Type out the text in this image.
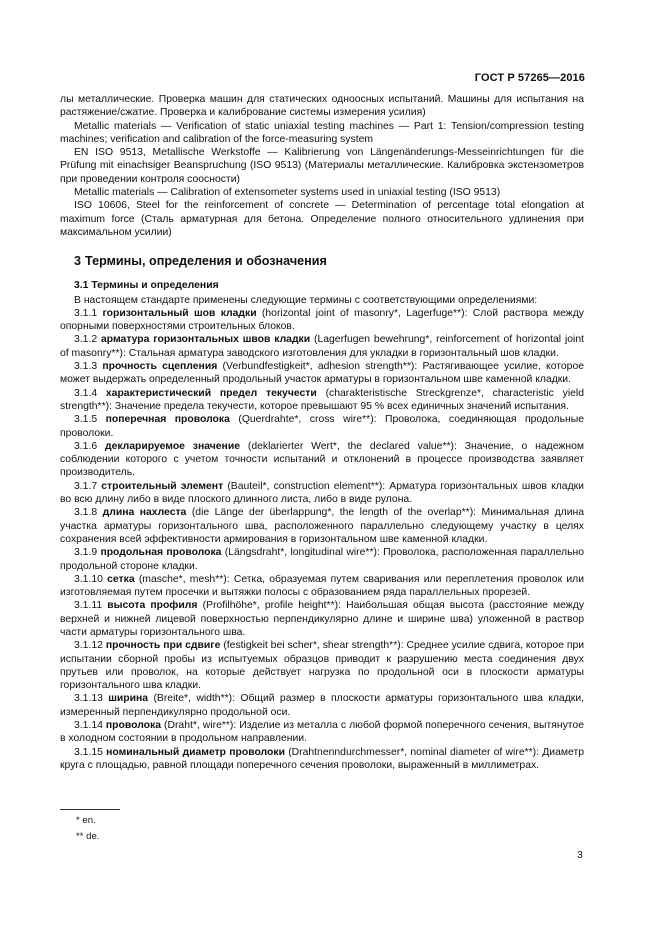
ГОСТ Р 57265—2016

лы металлические. Проверка машин для статических одноосных испытаний. Машины для испытания на растяжение/сжатие. Проверка и калибрование системы измерения усилия)

Metallic materials — Verification of static uniaxial testing machines — Part 1: Tension/compression testing machines; verification and calibration of the force-measuring system

EN ISO 9513, Metallische Werkstoffe — Kalibrierung von Längenänderungs-Messeinrichtungen für die Prüfung mit einachsiger Beanspruchung (ISO 9513) (Материалы металлические. Калибровка экстензометров при проведении контроля соосности)

Metallic materials — Calibration of extensometer systems used in uniaxial testing (ISO 9513)

ISO 10606, Steel for the reinforcement of concrete — Determination of percentage total elongation at maximum force (Сталь арматурная для бетона. Определение полного относительного удлинения при максимальном усилии)

3 Термины, определения и обозначения
3.1 Термины и определения

В настоящем стандарте применены следующие термины с соответствующими определениями:

3.1.1 горизонтальный шов кладки (horizontal joint of masonry*, Lagerfuge**): Слой раствора между опорными поверхностями строительных блоков.

3.1.2 арматура горизонтальных швов кладки (Lagerfugen bewehrung*, reinforcement of horizontal joint of masonry**): Стальная арматура заводского изготовления для укладки в горизонтальный шов кладки.

3.1.3 прочность сцепления (Verbundfestigkeit*, adhesion strength**): Растягивающее усилие, которое может выдержать определенный продольный участок арматуры в горизонтальном шве каменной кладки.

3.1.4 характеристический предел текучести (charakteristische Streckgrenze*, characteristic yield strength**): Значение предела текучести, которое превышают 95 % всех единичных значений испытания.

3.1.5 поперечная проволока (Querdrahte*, cross wire**): Проволока, соединяющая продольные проволоки.

3.1.6 декларируемое значение (deklarierter Wert*, the declared value**): Значение, о надежном соблюдении которого с учетом точности испытаний и отклонений в процессе производства заявляет производитель.

3.1.7 строительный элемент (Bauteil*, construction element**): Арматура горизонтальных швов кладки во всю длину либо в виде плоского длинного листа, либо в виде рулона.

3.1.8 длина нахлеста (die Länge der überlappung*, the length of the overlap**): Минимальная длина участка арматуры горизонтального шва, расположенного параллельно следующему участку в целях сохранения всей эффективности армирования в горизонтальном шве каменной кладки.

3.1.9 продольная проволока (Längsdraht*, longitudinal wire**): Проволока, расположенная параллельно продольной стороне кладки.

3.1.10 сетка (masche*, mesh**): Сетка, образуемая путем сваривания или переплетения проволок или изготовляемая путем просечки и вытяжки полосы с образованием ряда параллельных прорезей.

3.1.11 высота профиля (Profilhöhe*, profile height**): Наибольшая общая высота (расстояние между верхней и нижней лицевой поверхностью перпендикулярно длине и ширине шва) уложенной в раствор части арматуры горизонтального шва.

3.1.12 прочность при сдвиге (festigkeit bei scher*, shear strength**): Среднее усилие сдвига, которое при испытании сборной пробы из испытуемых образцов приводит к разрушению места соединения двух прутьев или проволок, на которые действует нагрузка по продольной оси в плоскости арматуры горизонтального шва кладки.

3.1.13 ширина (Breite*, width**): Общий размер в плоскости арматуры горизонтального шва кладки, измеренный перпендикулярно продольной оси.

3.1.14 проволока (Draht*, wire**): Изделие из металла с любой формой поперечного сечения, вытянутое в холодном состоянии в продольном направлении.

3.1.15 номинальный диаметр проволоки (Drahtnenndurchmesser*, nominal diameter of wire**): Диаметр круга с площадью, равной площади поперечного сечения проволоки, выраженный в миллиметрах.

* en.
** de.
3
